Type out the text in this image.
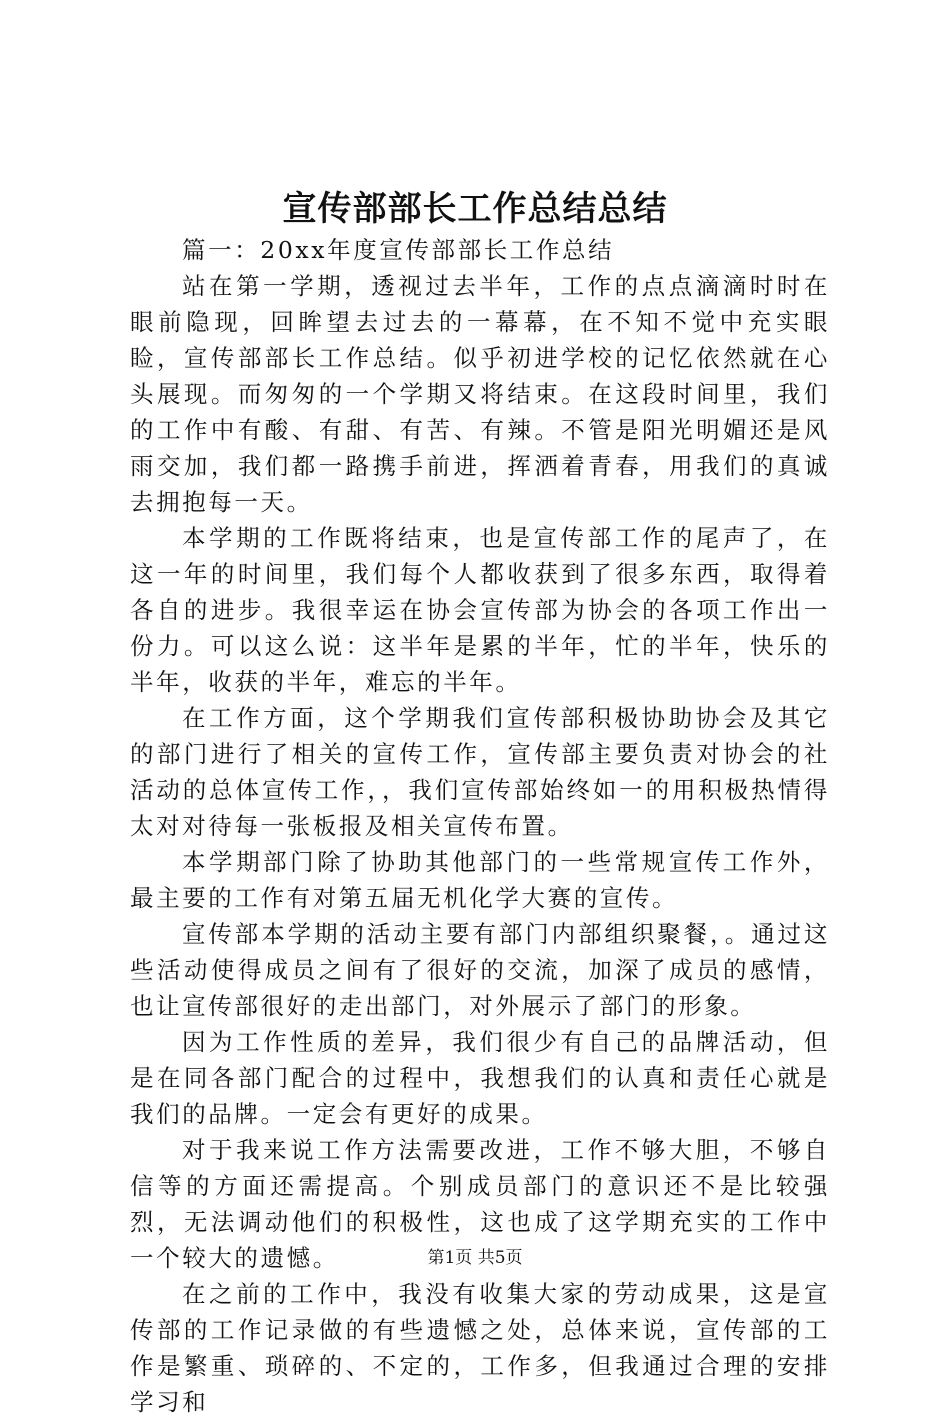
宣传部部长工作总结总结

篇一：20xx年度宣传部部长工作总结

站在第一学期，透视过去半年，工作的点点滴滴时时在眼前隐现，回眸望去过去的一幕幕，在不知不觉中充实眼睑，宣传部部长工作总结。似乎初进学校的记忆依然就在心头展现。而匆匆的一个学期又将结束。在这段时间里，我们的工作中有酸、有甜、有苦、有辣。不管是阳光明媚还是风雨交加，我们都一路携手前进，挥洒着青春，用我们的真诚去拥抱每一天。

本学期的工作既将结束，也是宣传部工作的尾声了，在这一年的时间里，我们每个人都收获到了很多东西，取得着各自的进步。我很幸运在协会宣传部为协会的各项工作出一份力。可以这么说：这半年是累的半年，忙的半年，快乐的半年，收获的半年，难忘的半年。

在工作方面，这个学期我们宣传部积极协助协会及其它的部门进行了相关的宣传工作，宣传部主要负责对协会的社活动的总体宣传工作，，我们宣传部始终如一的用积极热情得太对对待每一张板报及相关宣传布置。

本学期部门除了协助其他部门的一些常规宣传工作外，最主要的工作有对第五届无机化学大赛的宣传。

宣传部本学期的活动主要有部门内部组织聚餐，。通过这些活动使得成员之间有了很好的交流，加深了成员的感情，也让宣传部很好的走出部门，对外展示了部门的形象。

因为工作性质的差异，我们很少有自己的品牌活动，但是在同各部门配合的过程中，我想我们的认真和责任心就是我们的品牌。一定会有更好的成果。

对于我来说工作方法需要改进，工作不够大胆，不够自信等的方面还需提高。个别成员部门的意识还不是比较强烈，无法调动他们的积极性，这也成了这学期充实的工作中一个较大的遗憾。

在之前的工作中，我没有收集大家的劳动成果，这是宣传部的工作记录做的有些遗憾之处，总体来说，宣传部的工作是繁重、琐碎的、不定的，工作多，但我通过合理的安排学习和

第1页 共5页
